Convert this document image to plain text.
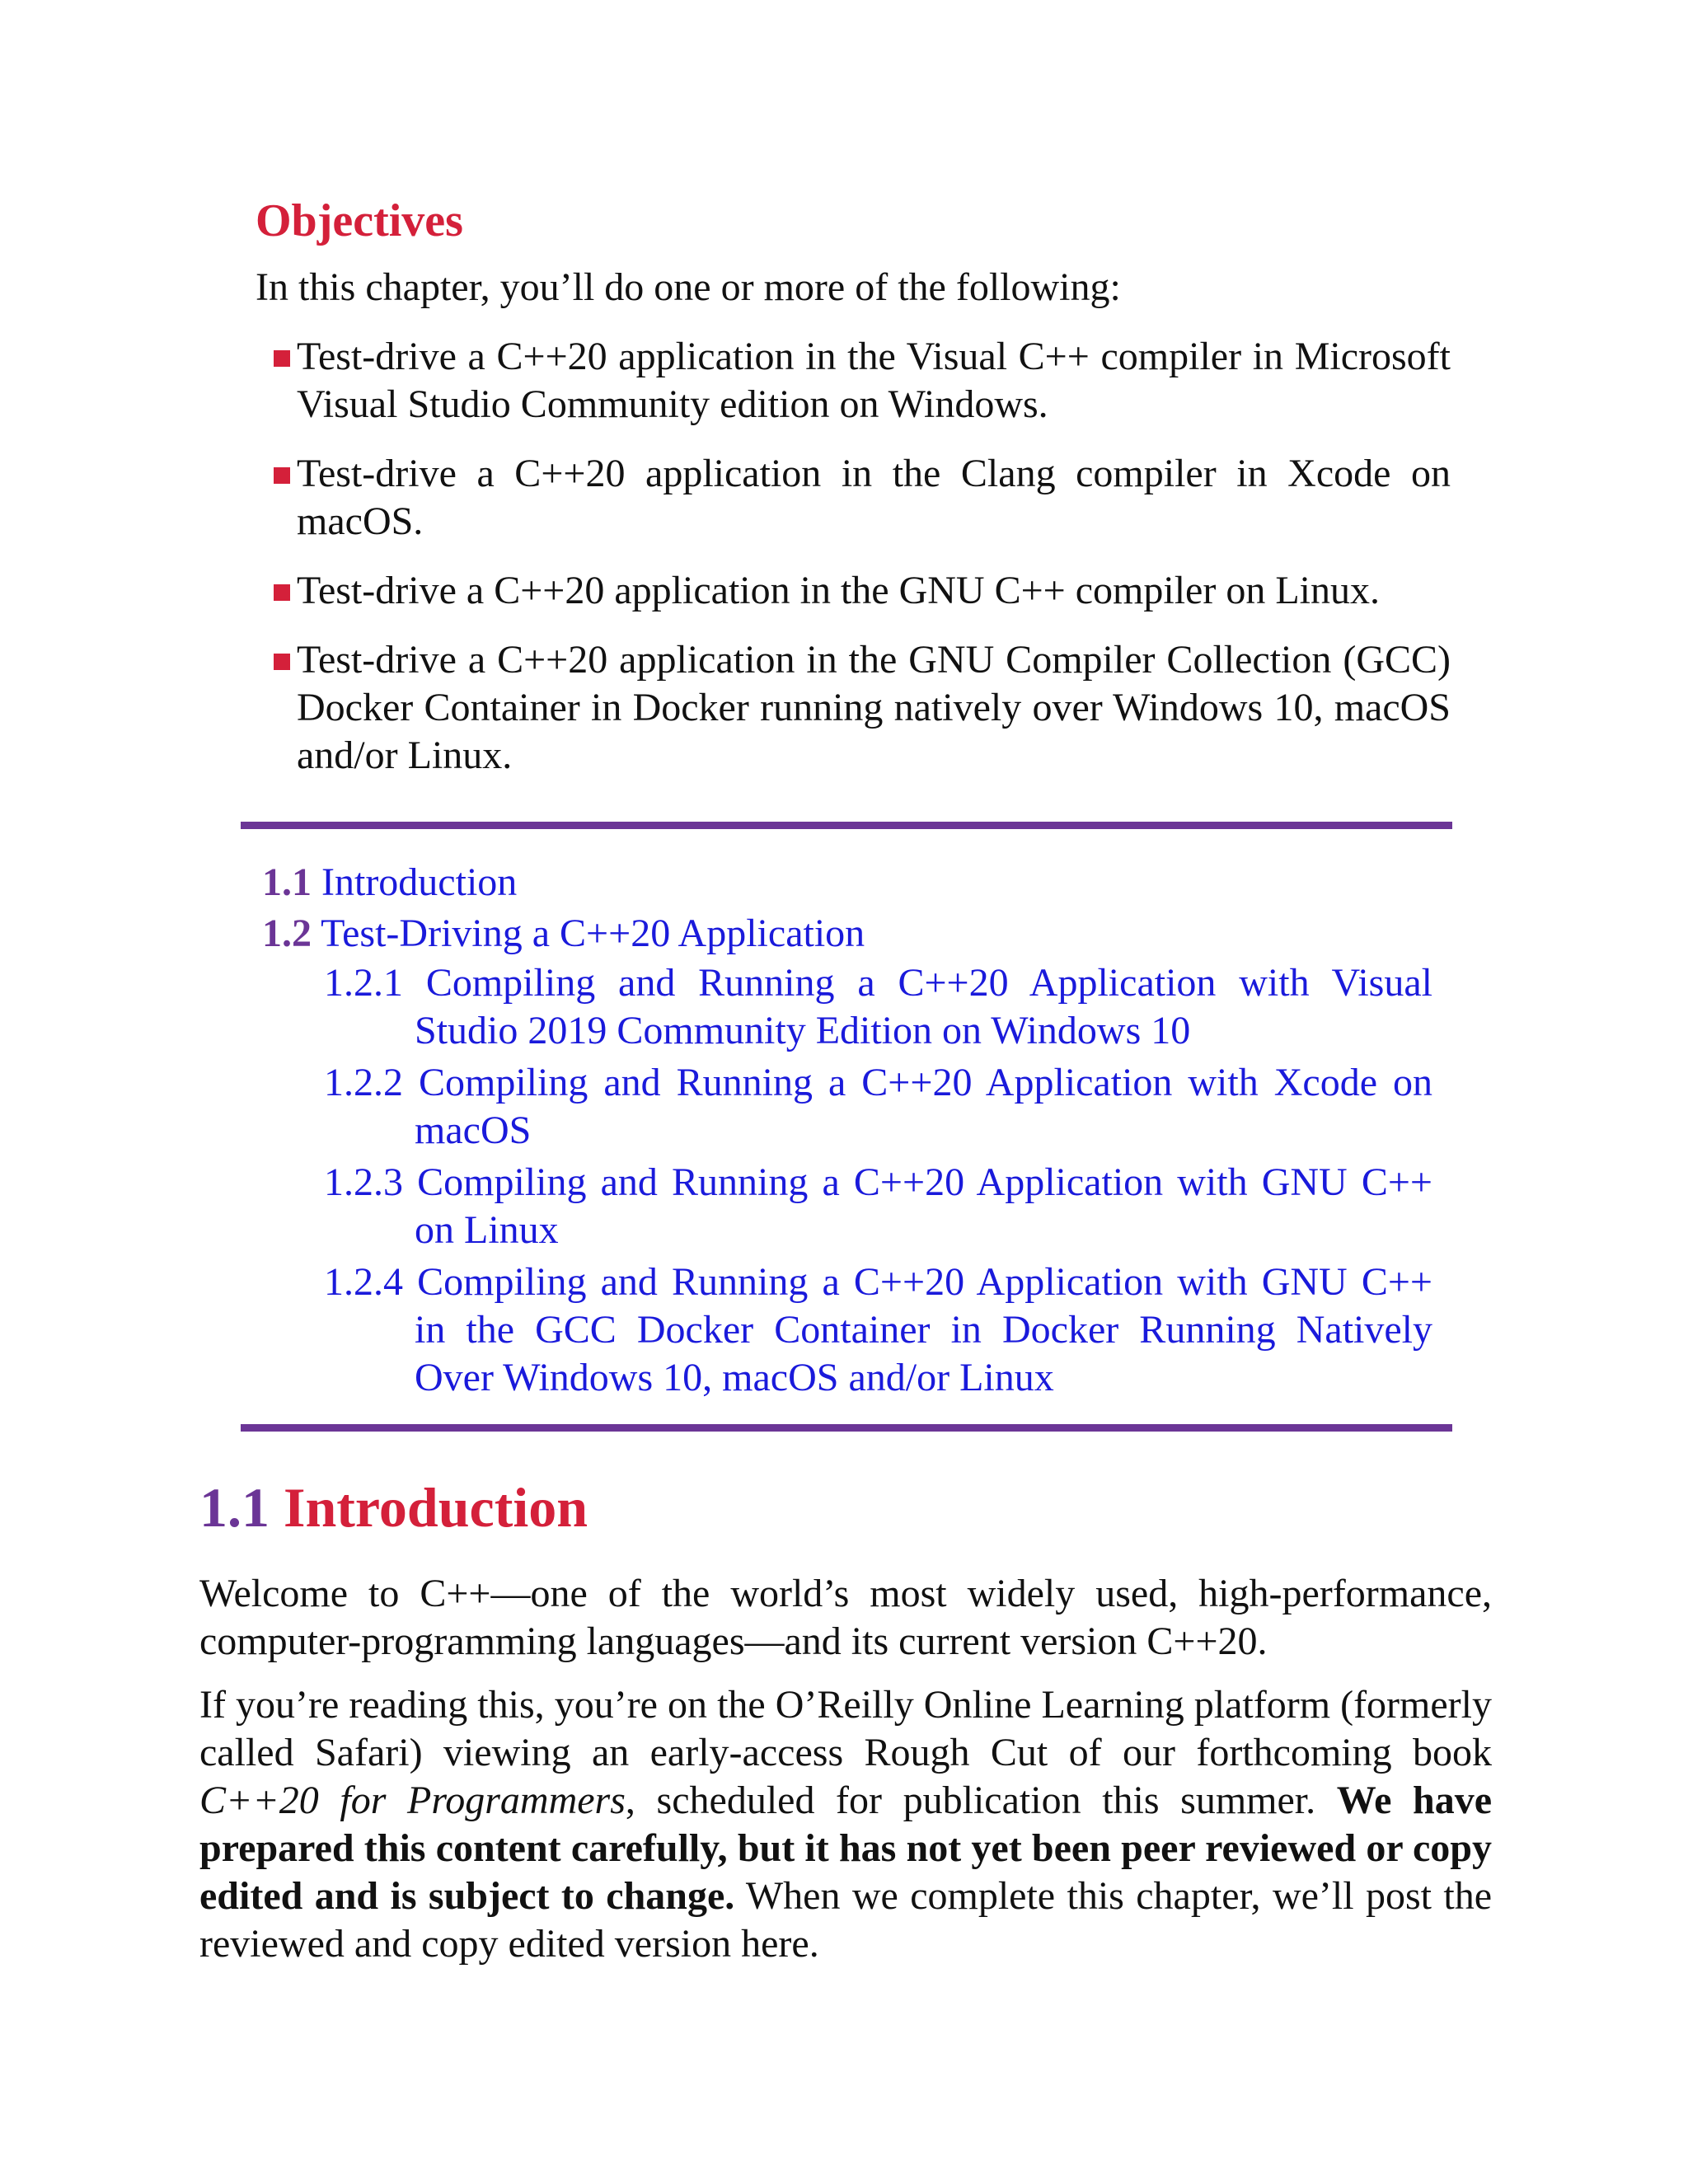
Objectives
In this chapter, you’ll do one or more of the following:
Test-drive a C++20 application in the Visual C++ compiler in Microsoft Visual Studio Community edition on Windows.
Test-drive a C++20 application in the Clang compiler in Xcode on macOS.
Test-drive a C++20 application in the GNU C++ compiler on Linux.
Test-drive a C++20 application in the GNU Compiler Collection (GCC) Docker Container in Docker running natively over Windows 10, macOS and/or Linux.
1.1 Introduction
1.2 Test-Driving a C++20 Application
1.2.1 Compiling and Running a C++20 Application with Visual Studio 2019 Community Edition on Windows 10
1.2.2 Compiling and Running a C++20 Application with Xcode on macOS
1.2.3 Compiling and Running a C++20 Application with GNU C++ on Linux
1.2.4 Compiling and Running a C++20 Application with GNU C++ in the GCC Docker Container in Docker Running Natively Over Windows 10, macOS and/or Linux
1.1 Introduction

Welcome to C++—one of the world’s most widely used, high-performance, computer-programming languages—and its current version C++20.

If you’re reading this, you’re on the O’Reilly Online Learning platform (formerly called Safari) viewing an early-access Rough Cut of our forthcoming book C++20 for Programmers, scheduled for publication this summer. We have prepared this content carefully, but it has not yet been peer reviewed or copy edited and is subject to change. When we complete this chapter, we’ll post the reviewed and copy edited version here.
